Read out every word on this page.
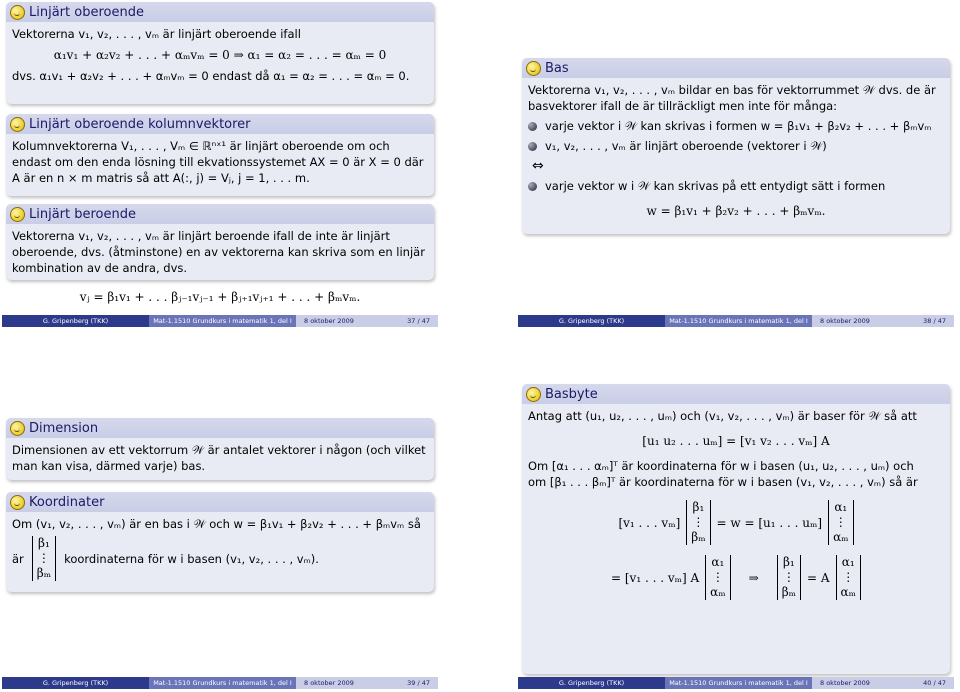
Linjärt oberoende
Vektorerna v₁, v₂, . . . , vₘ är linjärt oberoende ifall
α₁v₁ + α₂v₂ + . . . + αₘvₘ = 0 ⇒ α₁ = α₂ = . . . = αₘ = 0
dvs. α₁v₁ + α₂v₂ + . . . + αₘvₘ = 0 endast då α₁ = α₂ = . . . = αₘ = 0.
Linjärt oberoende kolumnvektorer
Kolumnvektorerna V₁, . . . , Vₘ ∈ ℝⁿˣ¹ är linjärt oberoende om och endast om den enda lösning till ekvationssystemet AX = 0 är X = 0 där A är en n × m matris så att A(:, j) = Vⱼ, j = 1, . . . m.
Linjärt beroende
Vektorerna v₁, v₂, . . . , vₘ är linjärt beroende ifall de inte är linjärt oberoende, dvs. (åtminstone) en av vektorerna kan skriva som en linjär kombination av de andra, dvs.
vⱼ = β₁v₁ + . . . βⱼ₋₁vⱼ₋₁ + βⱼ₊₁vⱼ₊₁ + . . . + βₘvₘ.
G. Gripenberg (TKK)	Mat-1.1510 Grundkurs i matematik 1, del I	8 oktober 2009	37 / 47
Bas
Vektorerna v₁, v₂, . . . , vₘ bildar en bas för vektorrummet 𝒲 dvs. de är basvektorer ifall de är tillräckligt men inte för många:
varje vektor i 𝒲 kan skrivas i formen w = β₁v₁ + β₂v₂ + . . . + βₘvₘ
v₁, v₂, . . . , vₘ är linjärt oberoende (vektorer i 𝒲)
⇔
varje vektor w i 𝒲 kan skrivas på ett entydigt sätt i formen
w = β₁v₁ + β₂v₂ + . . . + βₘvₘ.
G. Gripenberg (TKK)	Mat-1.1510 Grundkurs i matematik 1, del I	8 oktober 2009	38 / 47
Dimension
Dimensionen av ett vektorrum 𝒲 är antalet vektorer i någon (och vilket man kan visa, därmed varje) bas.
Koordinater
Om (v₁, v₂, . . . , vₘ) är en bas i 𝒲 och w = β₁v₁ + β₂v₂ + . . . + βₘvₘ så
är
β₁
⋮
βₘ
koordinaterna för w i basen (v₁, v₂, . . . , vₘ).
G. Gripenberg (TKK)	Mat-1.1510 Grundkurs i matematik 1, del I	8 oktober 2009	39 / 47
Basbyte
Antag att (u₁, u₂, . . . , uₘ) och (v₁, v₂, . . . , vₘ) är baser för 𝒲 så att
[u₁ u₂ . . . uₘ] = [v₁ v₂ . . . vₘ] A
Om [α₁ . . . αₘ]ᵀ är koordinaterna för w i basen (u₁, u₂, . . . , uₘ) och
om [β₁ . . . βₘ]ᵀ är koordinaterna för w i basen (v₁, v₂, . . . , vₘ) så är
[v₁ . . . vₘ]
β₁
⋮
βₘ
= w = [u₁ . . . uₘ]
α₁
⋮
αₘ
= [v₁ . . . vₘ] A
α₁
⋮
αₘ
⇒
β₁
⋮
βₘ
= A
α₁
⋮
αₘ
G. Gripenberg (TKK)	Mat-1.1510 Grundkurs i matematik 1, del I	8 oktober 2009	40 / 47
